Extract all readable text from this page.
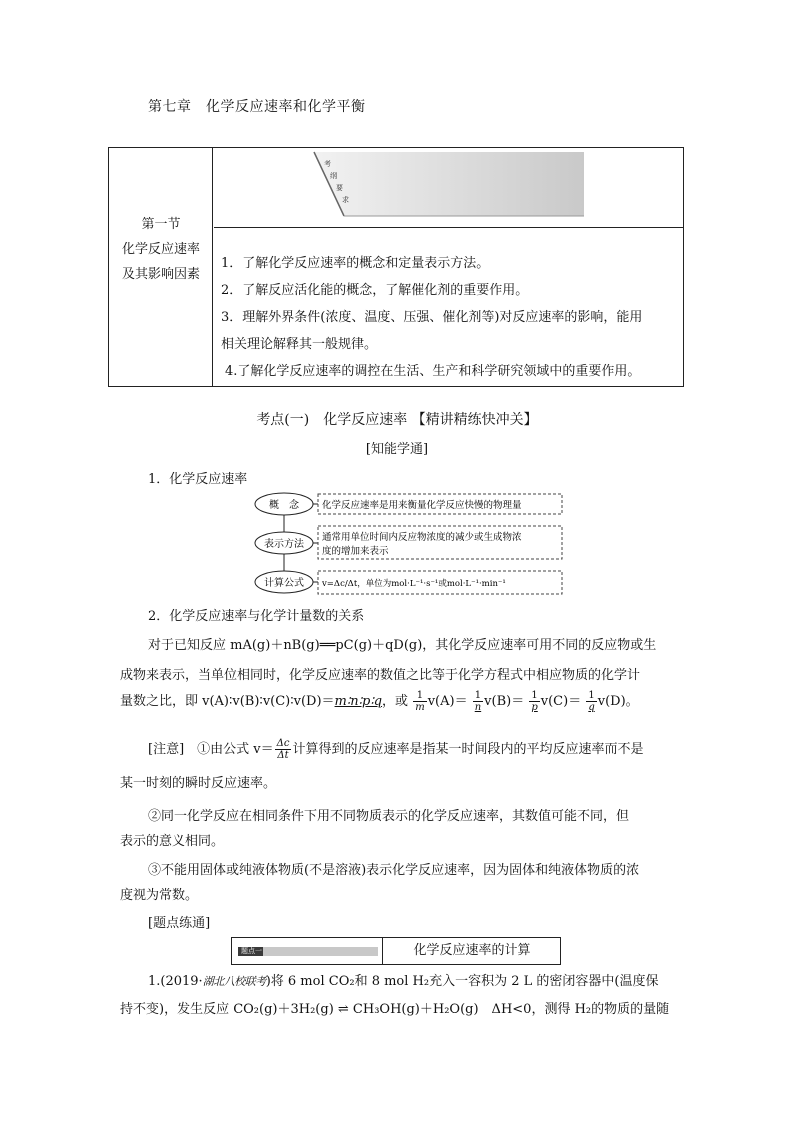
第七章　化学反应速率和化学平衡
第一节
化学反应速率
及其影响因素
考
纲
要
求
1．了解化学反应速率的概念和定量表示方法。
2．了解反应活化能的概念，了解催化剂的重要作用。
3．理解外界条件(浓度、温度、压强、催化剂等)对反应速率的影响，能用
相关理论解释其一般规律。
4.了解化学反应速率的调控在生活、生产和科学研究领域中的重要作用。
考点(一)　化学反应速率 【精讲精练快冲关】
[知能学通]
1．化学反应速率
概　念 化学反应速率是用来衡量化学反应快慢的物理量
表示方法
通常用单位时间内反应物浓度的减少或生成物浓
度的增加来表示
计算公式 v=Δc/Δt，单位为mol·L⁻¹·s⁻¹或mol·L⁻¹·min⁻¹
2．化学反应速率与化学计量数的关系
对于已知反应 mA(g)＋nB(g)══pC(g)＋qD(g)，其化学反应速率可用不同的反应物或生
成物来表示，当单位相同时，化学反应速率的数值之比等于化学方程式中相应物质的化学计
量数之比，即 v(A)∶v(B)∶v(C)∶v(D)＝m∶n∶p∶q，或 $\frac{1}{m} v(A)= \frac{1}{n} v(B)= \frac{1}{p} v(C)= \frac{1}{q} v(D)$。
[注意]　①由公式 $v= \frac{\Delta c}{\Delta t}$ 计算得到的反应速率是指某一时间段内的平均反应速率而不是
某一时刻的瞬时反应速率。
②同一化学反应在相同条件下用不同物质表示的化学反应速率，其数值可能不同，但
表示的意义相同。
③不能用固体或纯液体物质(不是溶液)表示化学反应速率，因为固体和纯液体物质的浓
度视为常数。
[题点练通]
题点一	化学反应速率的计算
1.(2019·湖北八校联考)将 6 mol CO₂和 8 mol H₂充入一容积为 2 L 的密闭容器中(温度保
持不变)，发生反应 CO₂(g)＋3H₂(g) ⇌ CH₃OH(g)＋H₂O(g)　ΔH<0，测得 H₂的物质的量随
